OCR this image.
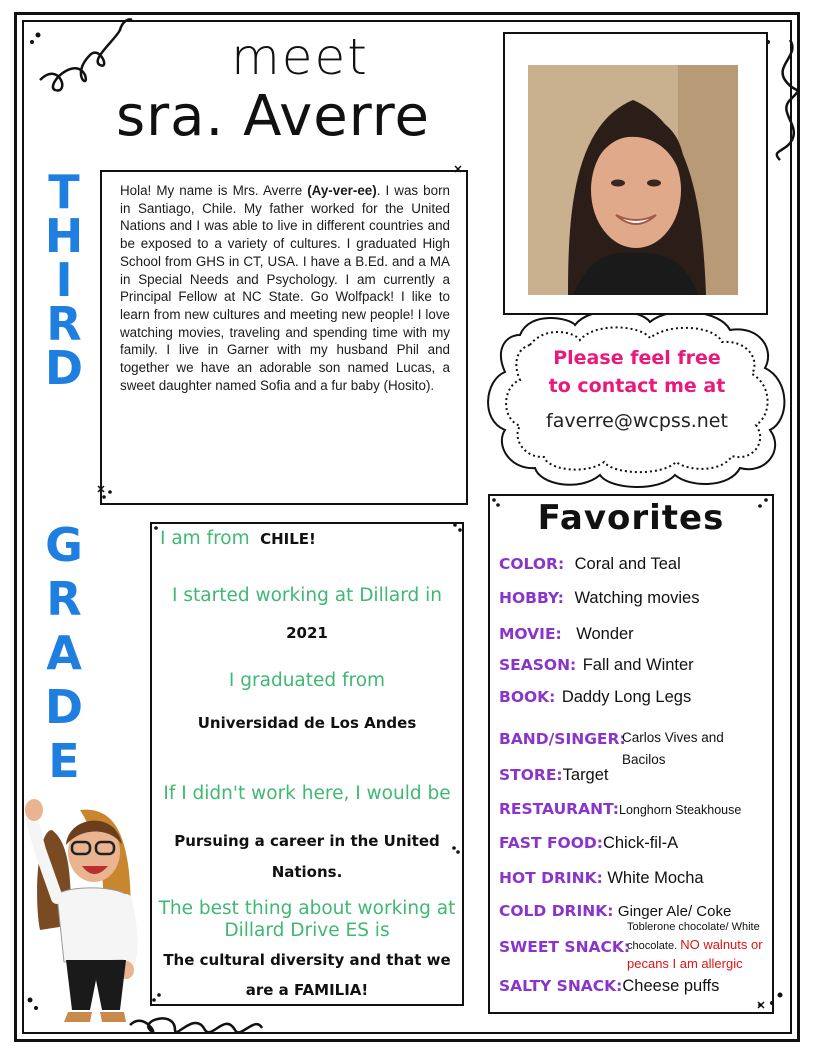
meet
sra. Averre
T
H
I
R
D
G
R
A
D
E
Hola! My name is Mrs. Averre (Ay-ver-ee). I was born in Santiago, Chile. My father worked for the United Nations and I was able to live in different countries and be exposed to a variety of cultures. I graduated High School from GHS in CT, USA. I have a B.Ed. and a MA in Special Needs and Psychology. I am currently a Principal Fellow at NC State. Go Wolfpack! I like to learn from new cultures and meeting new people! I love watching movies, traveling and spending time with my family. I live in Garner with my husband Phil and together we have an adorable son named Lucas, a sweet daughter named Sofia and a fur baby (Hosito).
Please feel free
to contact me at
faverre@wcpss.net
I am from CHILE!
I started working at Dillard in
2021
I graduated from
Universidad de Los Andes
If I didn't work here, I would be
Pursuing a career in the United
Nations.
The best thing about working at
Dillard Drive ES is
The cultural diversity and that we
are a FAMILIA!
Favorites
COLOR: Coral and Teal
HOBBY: Watching movies
MOVIE: Wonder
SEASON: Fall and Winter
BOOK: Daddy Long Legs
BAND/SINGER:
Carlos Vives and
Bacilos
STORE:Target
RESTAURANT:Longhorn Steakhouse
FAST FOOD:Chick-fil-A
HOT DRINK: White Mocha
COLD DRINK: Ginger Ale/ Coke
SWEET SNACK:
Toblerone chocolate/ White
chocolate. NO walnuts or
pecans I am allergic
SALTY SNACK:Cheese puffs
